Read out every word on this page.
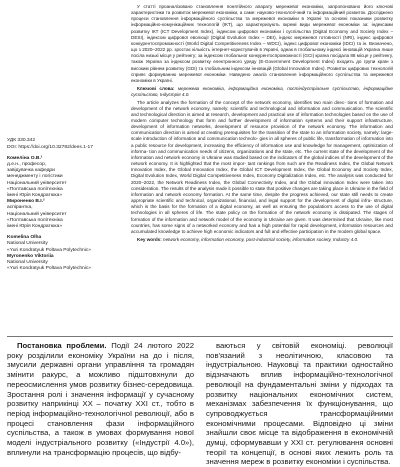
У статті проаналізовано становлення понятійного апарату мережевої економіки, запропоновано його ключові характеристики та розвиток мережевої економіки, а саме: науково-технологічний та інформаційний розвиток. Досліджено процеси становлення інформаційного суспільства та мережевої економіки в Україні та основні показники розвитку інформаційно-комунікаційних технологій (ІКТ), що характеризують окремі види мережевої економіки за: індексами розвитку ІКТ (ICT Development Index), індексом цифрової економіки і суспільства (Digital Economy and Society Index – DESI), індексом цифрової еволюції (Digital Evolution Index – DEI), індекс мережевої готовності (NRI), індекс цифрової конкурентоспроможності (World Digital Competitiveness Index – WDCI), індекс цифрової економіки (IDCI) та ін. Визначено, що з 2020–2022 рр. зростає кількість інтернет-користувачів в Україні, однак в глобальному індексі інновацій Україна лише посіла низькі місця у рейтингу; за індексом глобальної конкурентоспроможності (GCI) країна посідала 88 місце у рейтингу, також Україна за індексом розвитку електронного уряду (E-Government Development Index) входить до групи країн з високим рівнем розвитку (GDI) та глобальним індексом інновацій (Global Innovation Index). Розвиток цифрових технологій сприяє формуванню мережевої економіки. Наведено аналіз становлення інформаційного суспільства та мережевої економіки в Україні.

Ключові слова: мережева економіка, інформаційна економіка, постіндустріальне суспільство, інформаційне суспільство, Індустрія 4.0.

The article analyzes the formation of the concept of the network economy, identifies two main direc- tions of formation and development of the network economy, namely: scientific and technological and information and communication. The scientific and technological direction is aimed at research, development and practical use of information technologies based on the use of modern computer technology that form and further development of information systems and their support infrastructure, development of information networks, development of resource provision of the network economy. The information and communication direction is aimed at creating prerequisites for the transition of the state to an information society, namely: large-scale introduction of information and communication technolo- gies in all spheres of public life, transformation of information into a public resource for development, increasing the efficiency of information use and knowledge for management, optimization of informa- tion and communication needs of citizens, organizations and the state, etc. The current state of the development of the information and network economy in Ukraine was studied based on the indicators of the global indices of the development of the network economy. It is highlighted that the most impor- tant rankings from such are the Readiness Index, the Global Network Innovation Index, the Global Innovation Index, the Global ICT Development Index, the Global Economy and Society Index, Digital Evolution Index, World Digital Competitiveness Index, Economy Digitalization Index, etc. The analysis was conducted for 2020–2022, the Network Readiness Index, the Global Connectivity Index, and the Global innovation Index were taken into consideration. The results of the analysis made it possible to state that positive changes are taking place in Ukraine in the field of information and network economy formation. At the same time, despite the progress achieved, our state still needs to create appropriate scientific and technical, organizational, financial, and legal support for the development of digital infra- structure, which is the basis for the formation of a digital economy, as well as ensuring the population's access to the use of digital technologies in all spheres of life. The state policy on the formation of the network economy is dissipated. The stages of formation of the information and network model of the economy in Ukraine are given. It was determined that Ukraine, like most countries, has some signs of a networked economy and has a high potential for rapid development, information resources and accumulated knowledge to achieve high economic indicators and full and effective participation in the modern global space.

Key words: network economy, information economy, post-industrial society, information society, Industry 4.0.

УДК 330.342
DOI: https://doi.org/10.32782/dees.1-17
Комеліна О.В.¹
д.е.н., професор,
завідувачка кафедри
менеджменту і логістики
Національний університет
«Полтавська політехніка
імені Юрія Кондратюка»
Мироненко В.І.²
аспірантка,
Національний університет
«Полтавська політехніка
імені Юрія Кондратюка»
Komelina Olha
National University
«Yuri Kondratyuk Poltava Polytechnic»
Myronenko Viktoriia
National University
«Yuri Kondratyuk Poltava Polytechnic»

Постановка проблеми. Події 24 лютого 2022 року розділили економіку України на до і після, змусили державні органи управління та громадян змінити ракурс, а можливо підштовхнули до переосмислення умов розвитку бізнес-середовища. Зростання ролі і значення інформації у сучасному розвитку наприкінці XX – початку XXI ст., тобто в період інформаційно-технологічної революції, або в процесі становлення фази інформаційного суспільства, а також в умовах формування нової моделі індустріального розвитку («Індустрії 4.0»), вплинули на трансформацію процесів, що відбу-

ваються у світовій економіці. революції пов'язаний з неолітичною, класовою та індустріальною. Науковці та практики одностайно відзначають вплив інформаційно-технологічної революції на фундаментальні зміни у підходах та розвитку національних економічних систем, механізмах забезпечення їх функціонування, що супроводжується трансформаційними економічними процесами. Відповідно ці зміни знайшли своє місце та відображення в економічній думці, сформувавши у XXI ст. регулювання основні теорії та концепції, в основі яких лежить роль та значення мереж в розвитку економіки і суспільства.
